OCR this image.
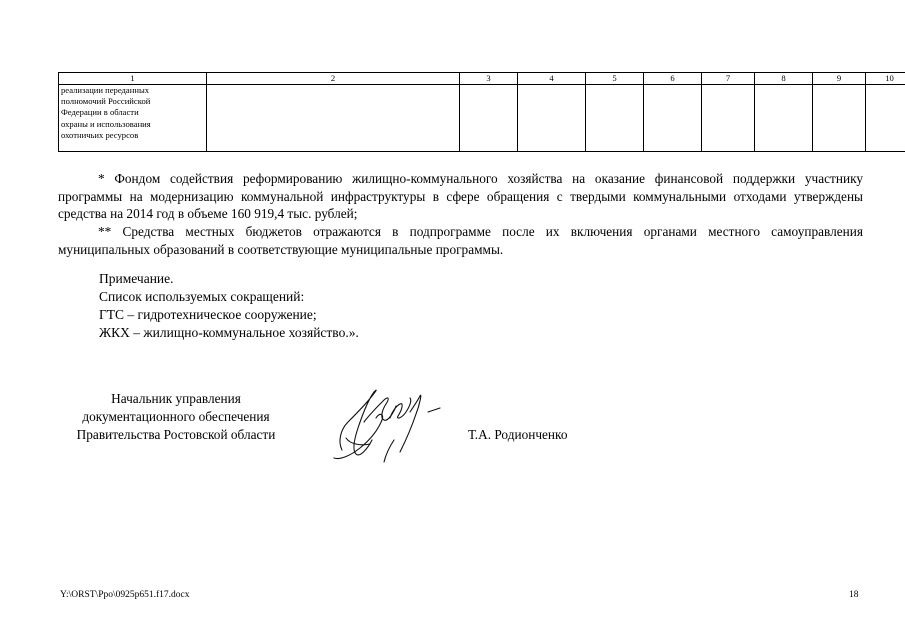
1	2	3	4	5	6	7	8	9	10

реализации переданных
полномочий Российской
Федерации в области
охраны и использования
охотничьих ресурсов									

* Фондом содействия реформированию жилищно-коммунального хозяйства на оказание финансовой поддержки участнику программы на модернизацию коммунальной инфраструктуры в сфере обращения с твердыми коммунальными отходами утверждены средства на 2014 год в объеме 160 919,4 тыс. рублей;

** Средства местных бюджетов отражаются в подпрограмме после их включения органами местного самоуправления муниципальных образований в соответствующие муниципальные программы.

Примечание.

Список используемых сокращений:

ГТС – гидротехническое сооружение;

ЖКХ – жилищно-коммунальное хозяйство.».

Начальник управления
документационного обеспечения
Правительства Ростовской области	Т.А. Родионченко
Y:\ORST\Ppo\0925p651.f17.docx	18
